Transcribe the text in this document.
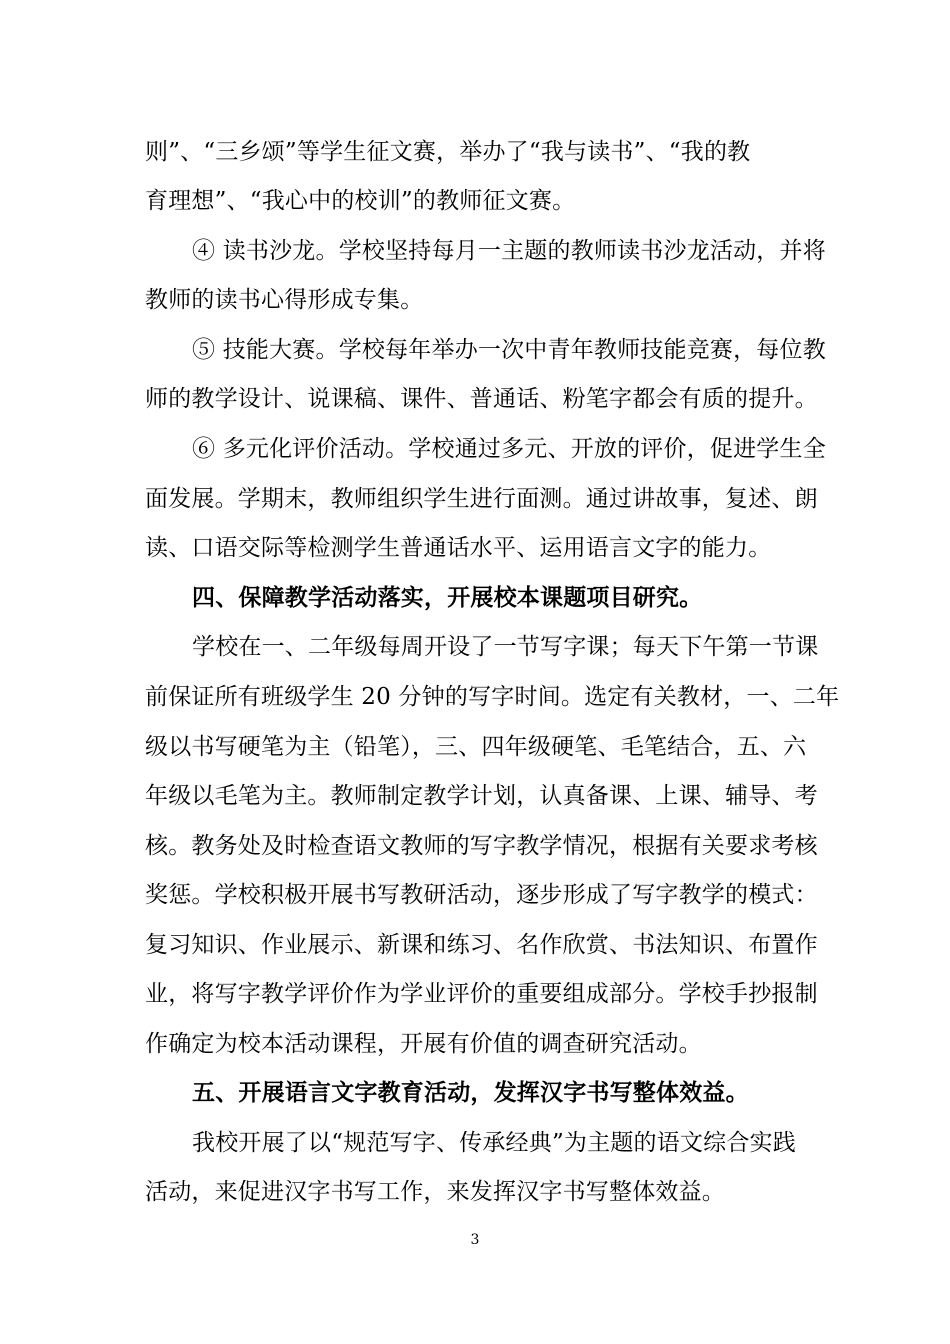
则”、“三乡颂”等学生征文赛，举办了“我与读书”、“我的教
育理想”、“我心中的校训”的教师征文赛。
④ 读书沙龙。学校坚持每月一主题的教师读书沙龙活动，并将
教师的读书心得形成专集。
⑤ 技能大赛。学校每年举办一次中青年教师技能竞赛，每位教
师的教学设计、说课稿、课件、普通话、粉笔字都会有质的提升。
⑥ 多元化评价活动。学校通过多元、开放的评价，促进学生全
面发展。学期末，教师组织学生进行面测。通过讲故事，复述、朗
读、口语交际等检测学生普通话水平、运用语言文字的能力。
四、保障教学活动落实，开展校本课题项目研究。
学校在一、二年级每周开设了一节写字课；每天下午第一节课
前保证所有班级学生 20 分钟的写字时间。选定有关教材，一、二年
级以书写硬笔为主（铅笔），三、四年级硬笔、毛笔结合，五、六
年级以毛笔为主。教师制定教学计划，认真备课、上课、辅导、考
核。教务处及时检查语文教师的写字教学情况，根据有关要求考核
奖惩。学校积极开展书写教研活动，逐步形成了写字教学的模式：
复习知识、作业展示、新课和练习、名作欣赏、书法知识、布置作
业，将写字教学评价作为学业评价的重要组成部分。学校手抄报制
作确定为校本活动课程，开展有价值的调查研究活动。
五、开展语言文字教育活动，发挥汉字书写整体效益。
我校开展了以“规范写字、传承经典”为主题的语文综合实践
活动，来促进汉字书写工作，来发挥汉字书写整体效益。
3
